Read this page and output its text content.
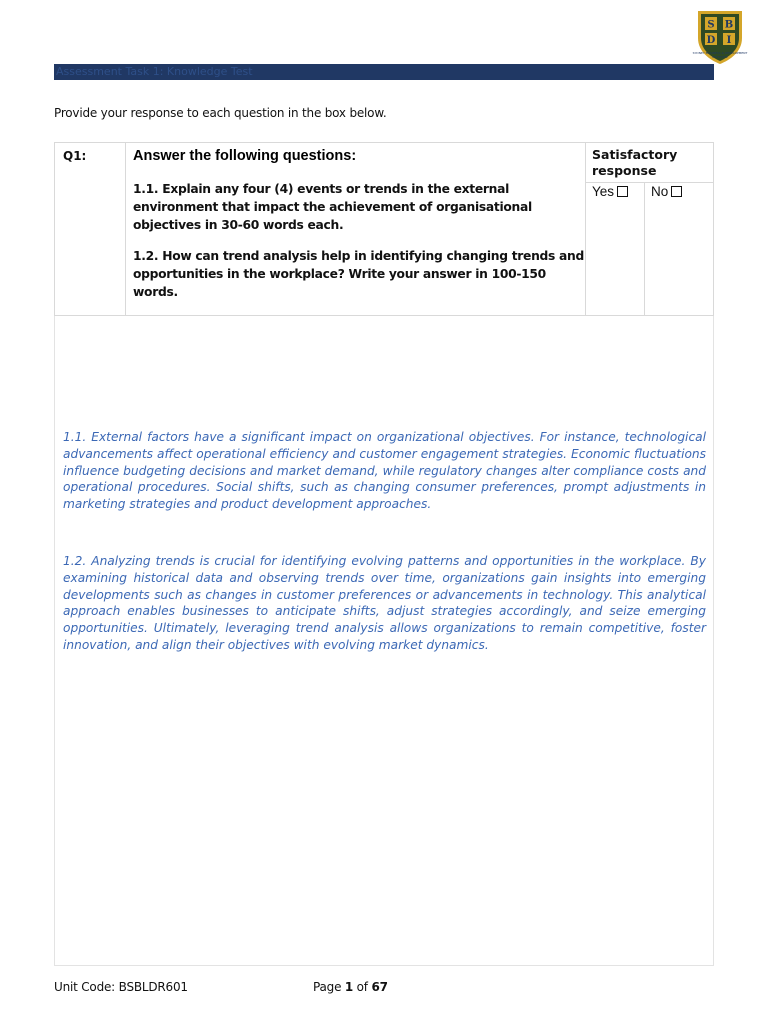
S B
D I
SYDNEY BUSINESS & DEVELOPMENT INSTITUTE
Assessment Task 1: Knowledge Test
Provide your response to each question in the box below.
Q1:	Answer the following questions:
1.1. Explain any four (4) events or trends in the external environment that impact the achievement of organisational objectives in 30-60 words each.
1.2. How can trend analysis help in identifying changing trends and opportunities in the workplace? Write your answer in 100-150 words.
Satisfactory response
Yes	No
1.1. External factors have a significant impact on organizational objectives. For instance, technological advancements affect operational efficiency and customer engagement strategies. Economic fluctuations influence budgeting decisions and market demand, while regulatory changes alter compliance costs and operational procedures. Social shifts, such as changing consumer preferences, prompt adjustments in marketing strategies and product development approaches.
1.2. Analyzing trends is crucial for identifying evolving patterns and opportunities in the workplace. By examining historical data and observing trends over time, organizations gain insights into emerging developments such as changes in customer preferences or advancements in technology. This analytical approach enables businesses to anticipate shifts, adjust strategies accordingly, and seize emerging opportunities. Ultimately, leveraging trend analysis allows organizations to remain competitive, foster innovation, and align their objectives with evolving market dynamics.
Unit Code: BSBLDR601	Page 1 of 67
